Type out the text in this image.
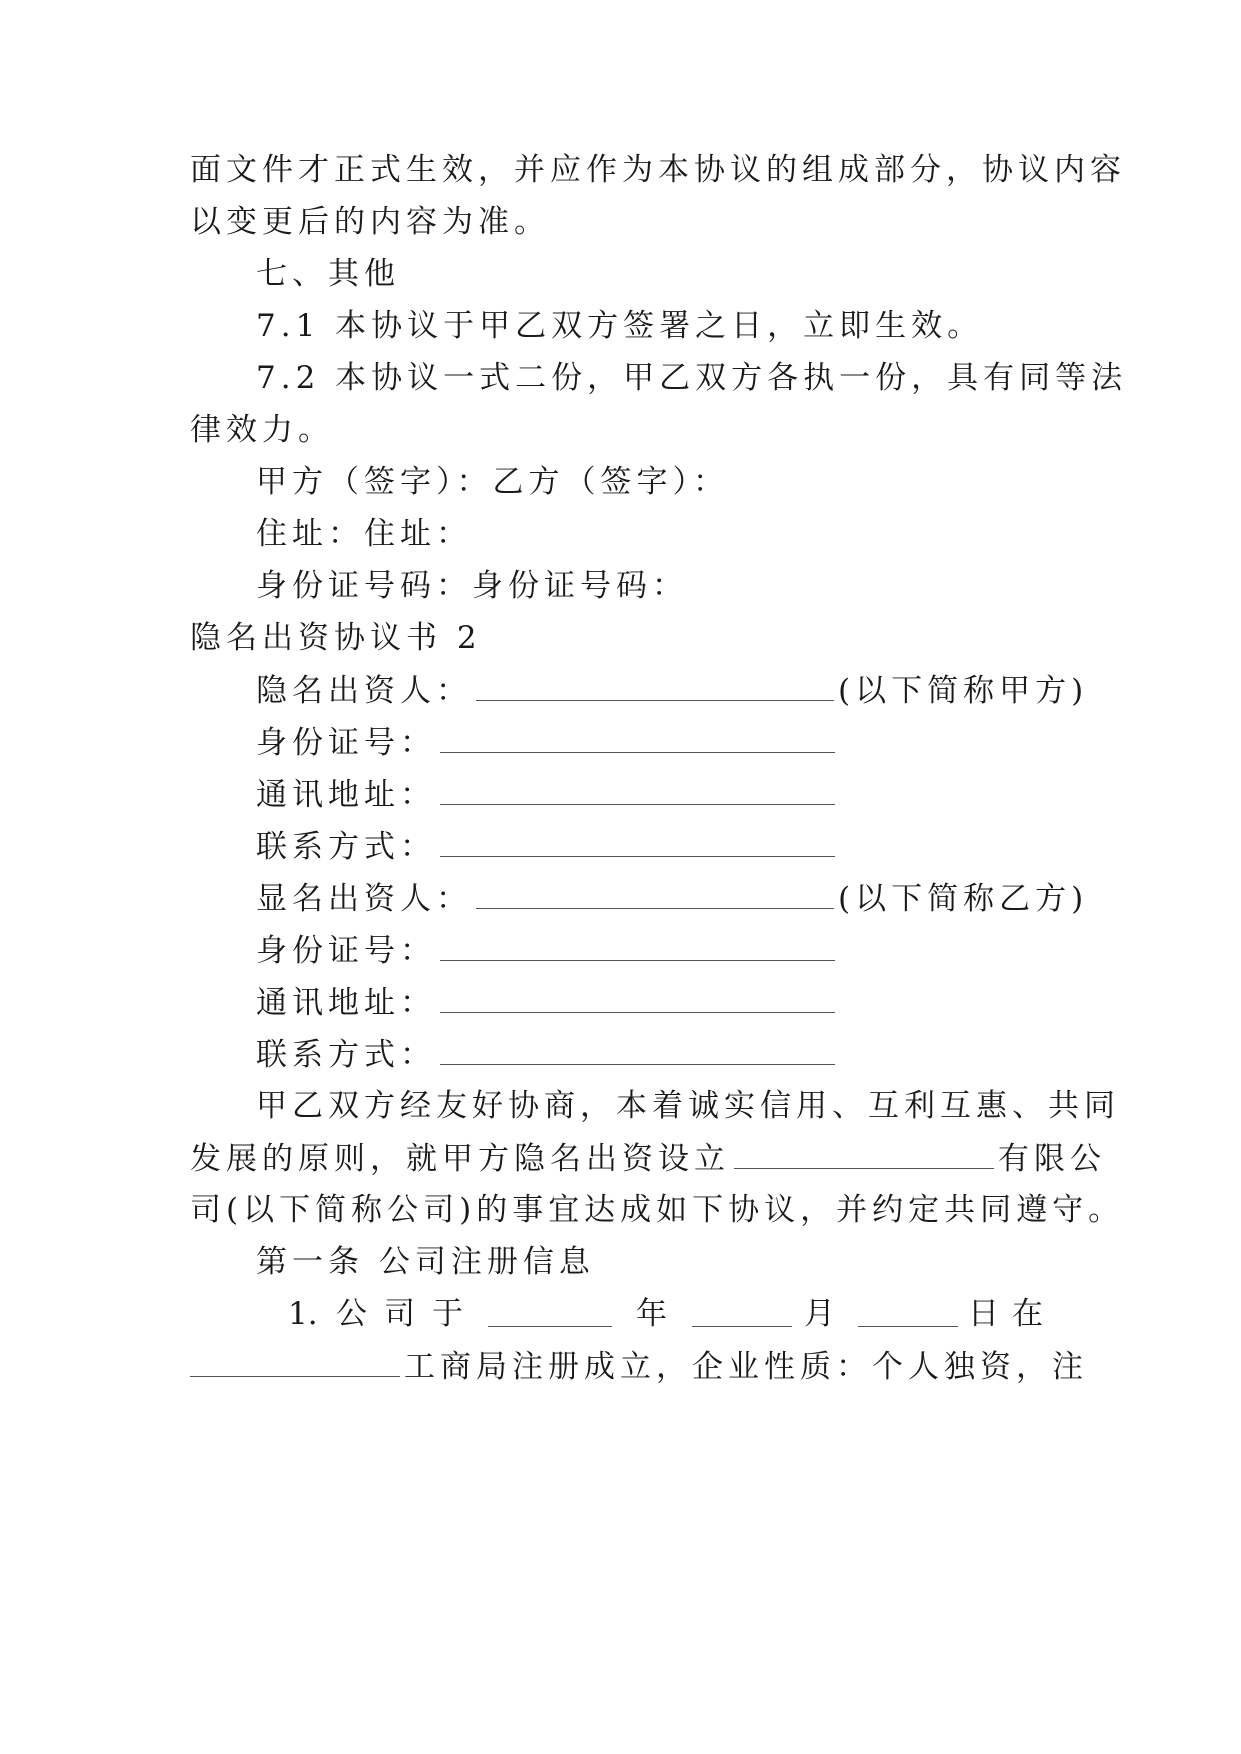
面文件才正式生效，并应作为本协议的组成部分，协议内容
以变更后的内容为准。
七、其他
7.1 本协议于甲乙双方签署之日，立即生效。
7.2 本协议一式二份，甲乙双方各执一份，具有同等法
律效力。
甲方（签字）：乙方（签字）：
住址：住址：
身份证号码：身份证号码：
隐名出资协议书 2
隐名出资人：	(以下简称甲方)
身份证号：
通讯地址：
联系方式：
显名出资人：	(以下简称乙方)
身份证号：
通讯地址：
联系方式：
甲乙双方经友好协商，本着诚实信用、互利互惠、共同
发展的原则，就甲方隐名出资设立	有限公
司(以下简称公司)的事宜达成如下协议，并约定共同遵守。
第一条 公司注册信息
1. 公 司 于	年	月	日 在
工商局注册成立，企业性质：个人独资，注
